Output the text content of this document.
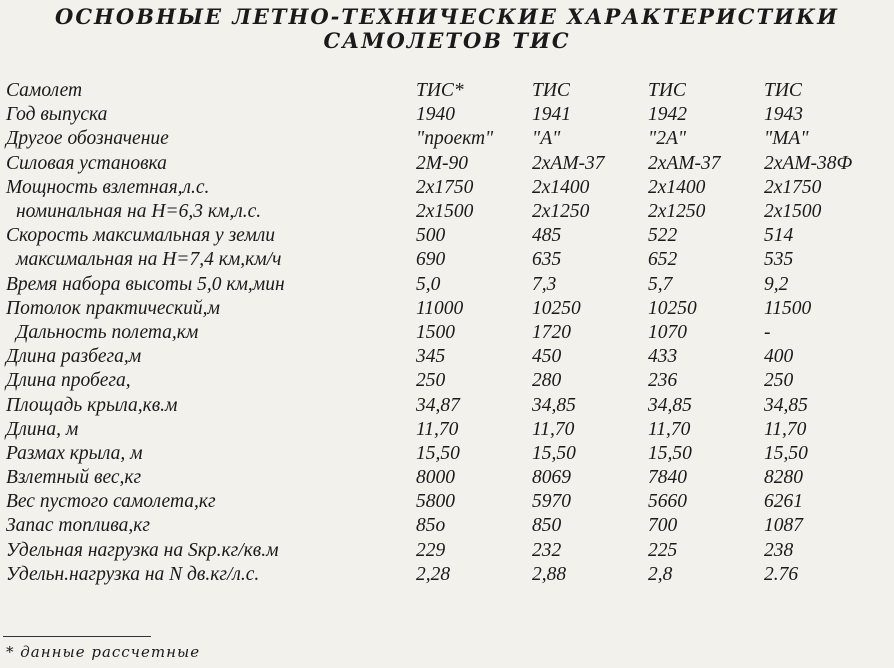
ОСНОВНЫЕ ЛЕТНО-ТЕХНИЧЕСКИЕ ХАРАКТЕРИСТИКИ
САМОЛЕТОВ ТИС
Самолет	ТИС*	ТИС	ТИС	ТИС
Год выпуска	1940	1941	1942	1943
Другое обозначение	"проект"	"А"	"2А"	"МА"
Силовая установка	2М-90	2хАМ-37	2хАМ-37	2хАМ-38Ф
Мощность взлетная,л.с.	2х1750	2х1400	2х1400	2х1750
номинальная на Н=6,3 км,л.с.	2х1500	2х1250	2х1250	2х1500
Скорость максимальная у земли	500	485	522	514
максимальная на Н=7,4 км,км/ч	690	635	652	535
Время набора высоты 5,0 км,мин	5,0	7,3	5,7	9,2
Потолок практический,м	11000	10250	10250	11500
Дальность полета,км	1500	1720	1070	-
Длина разбега,м	345	450	433	400
Длина пробега,	250	280	236	250
Площадь крыла,кв.м	34,87	34,85	34,85	34,85
Длина, м	11,70	11,70	11,70	11,70
Размах крыла, м	15,50	15,50	15,50	15,50
Взлетный вес,кг	8000	8069	7840	8280
Вес пустого самолета,кг	5800	5970	5660	6261
Запас топлива,кг	85о	850	700	1087
Удельная нагрузка на Sкр.кг/кв.м	229	232	225	238
Удельн.нагрузка на N дв.кг/л.с.	2,28	2,88	2,8	2.76
* данные рассчетные
